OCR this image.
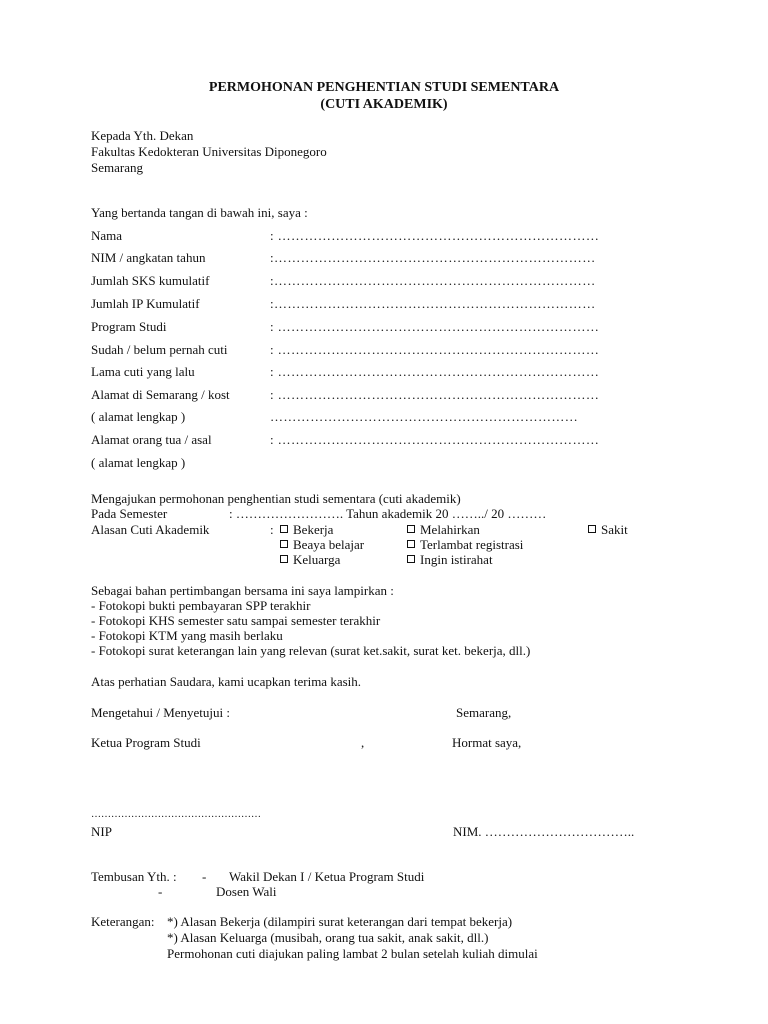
PERMOHONAN PENGHENTIAN STUDI SEMENTARA
(CUTI AKADEMIK)
Kepada Yth. Dekan
Fakultas Kedokteran Universitas Diponegoro
Semarang
Yang bertanda tangan di bawah ini, saya :
Nama	: ………………………………………………………………
NIM / angkatan tahun	:………………………………………………………………
Jumlah SKS kumulatif	:………………………………………………………………
Jumlah IP Kumulatif	:………………………………………………………………
Program Studi	: ………………………………………………………………
Sudah / belum pernah cuti	: ………………………………………………………………
Lama cuti yang lalu	: ………………………………………………………………
Alamat di Semarang / kost	: ………………………………………………………………
( alamat lengkap )	……………………………………………………………
Alamat orang tua / asal	: ………………………………………………………………
( alamat lengkap )
Mengajukan permohonan penghentian studi sementara (cuti akademik)
Pada Semester	: ……………………. Tahun akademik 20 ……../ 20 ………
Alasan Cuti Akademik	:	Bekerja	Melahirkan	Sakit
Beaya belajar	Terlambat registrasi
Keluarga	Ingin istirahat
Sebagai bahan pertimbangan bersama ini saya lampirkan :
- Fotokopi bukti pembayaran SPP terakhir
- Fotokopi KHS semester satu sampai semester terakhir
- Fotokopi KTM yang masih berlaku
- Fotokopi surat keterangan lain yang relevan (surat ket.sakit, surat ket. bekerja, dll.)
Atas perhatian Saudara, kami ucapkan terima kasih.
Mengetahui / Menyetujui :	Semarang,
Ketua Program Studi	,	Hormat saya,
……………………………………………
NIP	NIM. ……………………………..
Tembusan Yth. : - Wakil Dekan I / Ketua Program Studi
-	Dosen Wali
Keterangan: *) Alasan Bekerja (dilampiri surat keterangan dari tempat bekerja)
*) Alasan Keluarga (musibah, orang tua sakit, anak sakit, dll.)
Permohonan cuti diajukan paling lambat 2 bulan setelah kuliah dimulai
